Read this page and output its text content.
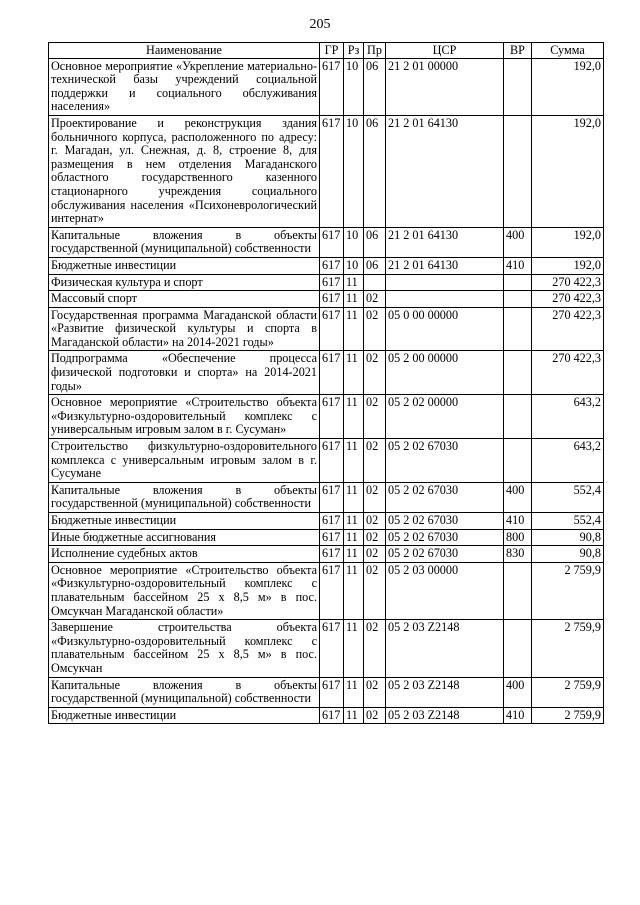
205
Наименование	ГР	Рз	Пр	ЦСР	ВР	Сумма
Основное мероприятие «Укрепление материально-технической базы учреждений социальной поддержки и социального обслуживания населения»	617	10	06	21 2 01 00000		192,0
Проектирование и реконструкция здания больничного корпуса, расположенного по адресу: г. Магадан, ул. Снежная, д. 8, строение 8, для размещения в нем отделения Магаданского областного государственного казенного стационарного учреждения социального обслуживания населения «Психоневрологический интернат»	617	10	06	21 2 01 64130		192,0
Капитальные вложения в объекты государственной (муниципальной) собственности	617	10	06	21 2 01 64130	400	192,0
Бюджетные инвестиции	617	10	06	21 2 01 64130	410	192,0
Физическая культура и спорт	617	11				270 422,3
Массовый спорт	617	11	02			270 422,3
Государственная программа Магаданской области «Развитие физической культуры и спорта в Магаданской области» на 2014-2021 годы»	617	11	02	05 0 00 00000		270 422,3
Подпрограмма «Обеспечение процесса физической подготовки и спорта» на 2014-2021 годы»	617	11	02	05 2 00 00000		270 422,3
Основное мероприятие «Строительство объекта «Физкультурно-оздоровительный комплекс с универсальным игровым залом в г. Сусуман»	617	11	02	05 2 02 00000		643,2
Строительство физкультурно-оздоровительного комплекса с универсальным игровым залом в г. Сусумане	617	11	02	05 2 02 67030		643,2
Капитальные вложения в объекты государственной (муниципальной) собственности	617	11	02	05 2 02 67030	400	552,4
Бюджетные инвестиции	617	11	02	05 2 02 67030	410	552,4
Иные бюджетные ассигнования	617	11	02	05 2 02 67030	800	90,8
Исполнение судебных актов	617	11	02	05 2 02 67030	830	90,8
Основное мероприятие «Строительство объекта «Физкультурно-оздоровительный комплекс с плавательным бассейном 25 х 8,5 м» в пос. Омсукчан Магаданской области»	617	11	02	05 2 03 00000		2 759,9
Завершение строительства объекта «Физкультурно-оздоровительный комплекс с плавательным бассейном 25 х 8,5 м» в пос. Омсукчан	617	11	02	05 2 03 Z2148		2 759,9
Капитальные вложения в объекты государственной (муниципальной) собственности	617	11	02	05 2 03 Z2148	400	2 759,9
Бюджетные инвестиции	617	11	02	05 2 03 Z2148	410	2 759,9
